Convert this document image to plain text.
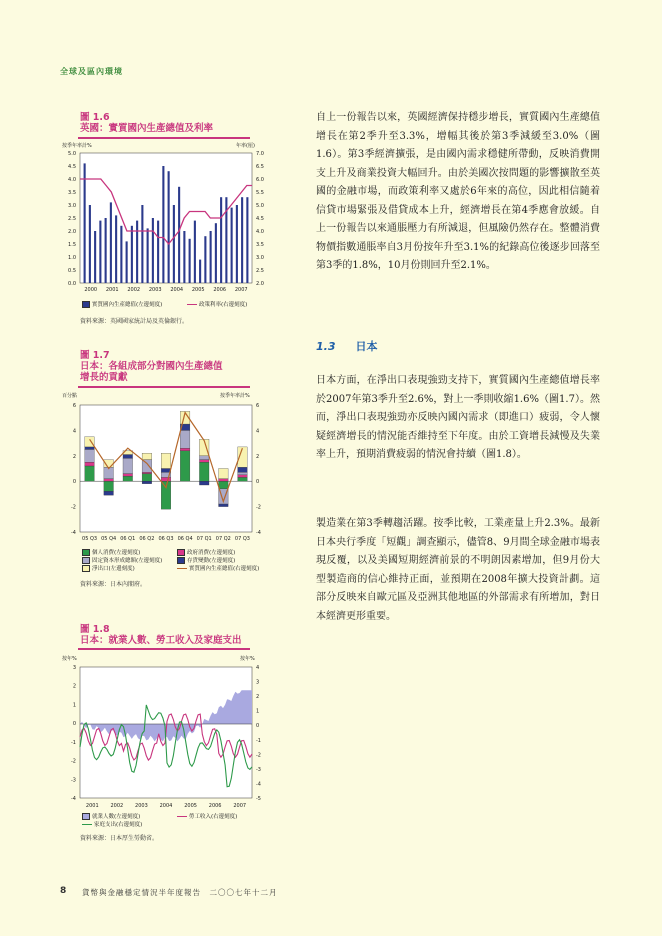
全球及區內環境
圖 1.6
英國：實質國內生產總值及利率
按季年率計%	年率(厘)
5.0
4.5
4.0
3.5
3.0
2.5
2.0
1.5
1.0
0.5
0.0
7.0
6.5
6.0
5.5
5.0
4.5
4.0
3.5
3.0
2.5
2.0
2000 2001 2002 2003 2004 2005 2006 2007
實質國內生產總值(左邊刻度)	政策利率(右邊刻度)
資料來源：英國國家統計局及英倫銀行。
圖 1.7
日本：各組成部分對國內生產總值
增長的貢獻
百分點	按季年率計%
6
4
2
0
-2
-4
6
4
2
0
-2
-4
05 Q3 05 Q4 06 Q1 06 Q2 06 Q3 06 Q4 07 Q1 07 Q2 07 Q3
個人消費(左邊刻度)	政府消費(左邊刻度)
固定資本形成總額(左邊刻度)	存貨變動(左邊刻度)
淨出口(左邊刻度)	實質國內生產總值(右邊刻度)
資料來源：日本內閣府。
圖 1.8
日本：就業人數、勞工收入及家庭支出
按年%	按年%
3
2
1
0
-1
-2
-3
-4
4
3
2
1
0
-1
-2
-3
-4
-5
2001 2002 2003 2004 2005 2006 2007
就業人數(左邊刻度)	勞工收入(右邊刻度)
家庭支出(右邊刻度)
資料來源：日本厚生勞動省。
自上一份報告以來，英國經濟保持穩步增長，實質國內生產總值增長在第2季升至3.3%，增幅其後於第3季減緩至3.0%（圖1.6）。第3季經濟擴張，是由國內需求穩健所帶動，反映消費開支上升及商業投資大幅回升。由於美國次按問題的影響擴散至英國的金融市場，而政策利率又處於6年來的高位，因此相信隨着信貸市場緊張及借貸成本上升，經濟增長在第4季應會放緩。自上一份報告以來通脹壓力有所減退，但風險仍然存在。整體消費物價指數通脹率自3月份按年升至3.1%的紀錄高位後逐步回落至第3季的1.8%，10月份則回升至2.1%。
1.3 日本
日本方面，在淨出口表現強勁支持下，實質國內生產總值增長率於2007年第3季升至2.6%，對上一季則收縮1.6%（圖1.7）。然而，淨出口表現強勁亦反映內國內需求（即進口）疲弱，令人懷疑經濟增長的情況能否維持至下年度。由於工資增長減慢及失業率上升，預期消費疲弱的情況會持續（圖1.8）。
製造業在第3季轉趨活躍。按季比較，工業產量上升2.3%。最新日本央行季度「短觀」調查顯示，儘管8、9月間全球金融市場表現反覆，以及美國短期經濟前景的不明朗因素增加，但9月份大型製造商的信心維持正面，並預期在2008年擴大投資計劃。這部分反映來自歐元區及亞洲其他地區的外部需求有所增加，對日本經濟更形重要。
8 貨幣與金融穩定情況半年度報告　二〇〇七年十二月
